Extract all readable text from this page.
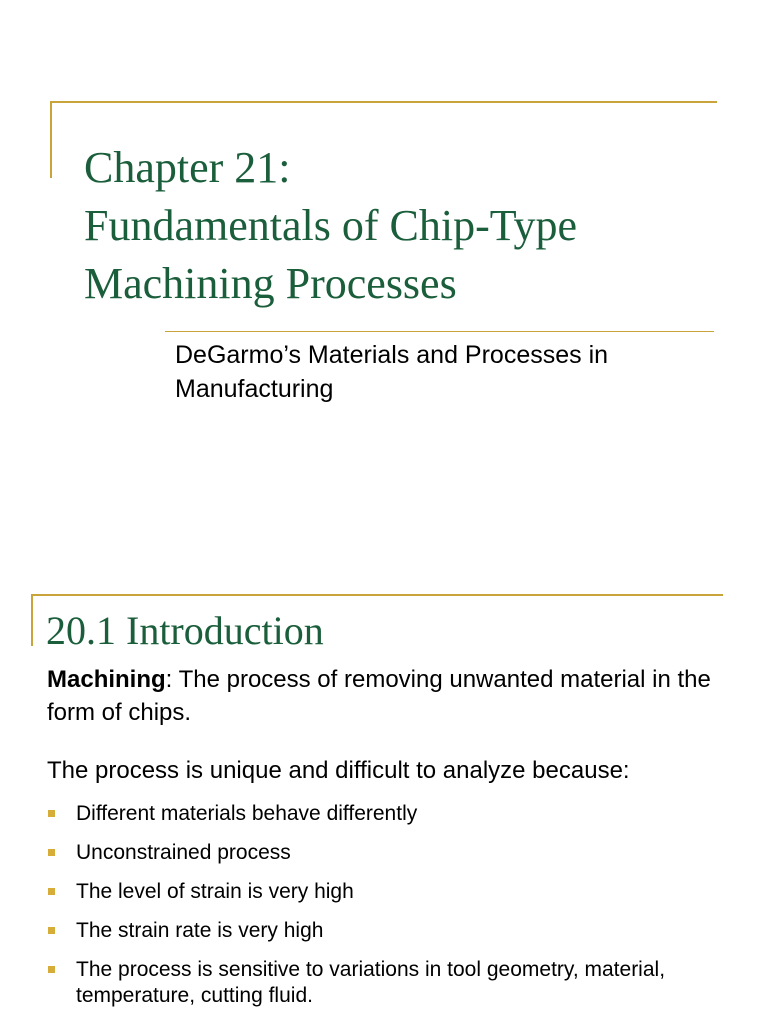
Chapter 21:
Fundamentals of Chip-Type
Machining Processes

DeGarmo’s Materials and Processes in
Manufacturing

20.1 Introduction

Machining: The process of removing unwanted material in the form of chips.

The process is unique and difficult to analyze because:

Different materials behave differently
Unconstrained process
The level of strain is very high
The strain rate is very high
The process is sensitive to variations in tool geometry, material, temperature, cutting fluid.
